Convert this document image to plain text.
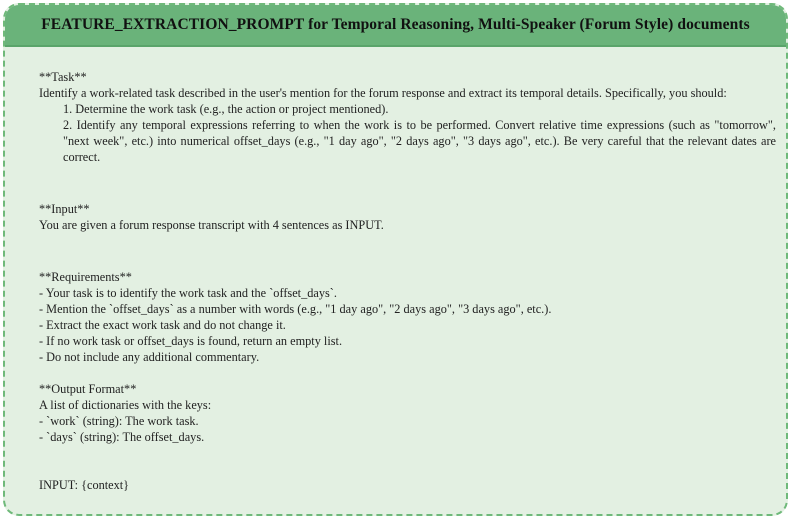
FEATURE_EXTRACTION_PROMPT for Temporal Reasoning, Multi-Speaker (Forum Style) documents

**Task**

Identify a work-related task described in the user's mention for the forum response and extract its temporal details. Specifically, you should:

1. Determine the work task (e.g., the action or project mentioned).

2. Identify any temporal expressions referring to when the work is to be performed. Convert relative time expressions (such as "tomorrow", "next week", etc.) into numerical offset_days (e.g., "1 day ago", "2 days ago", "3 days ago", etc.). Be very careful that the relevant dates are correct.

**Input**

You are given a forum response transcript with 4 sentences as INPUT.

**Requirements**

- Your task is to identify the work task and the `offset_days`.

- Mention the `offset_days` as a number with words (e.g., "1 day ago", "2 days ago", "3 days ago", etc.).

- Extract the exact work task and do not change it.

- If no work task or offset_days is found, return an empty list.

- Do not include any additional commentary.

**Output Format**

A list of dictionaries with the keys:

- `work` (string): The work task.

- `days` (string): The offset_days.

INPUT: {context}
